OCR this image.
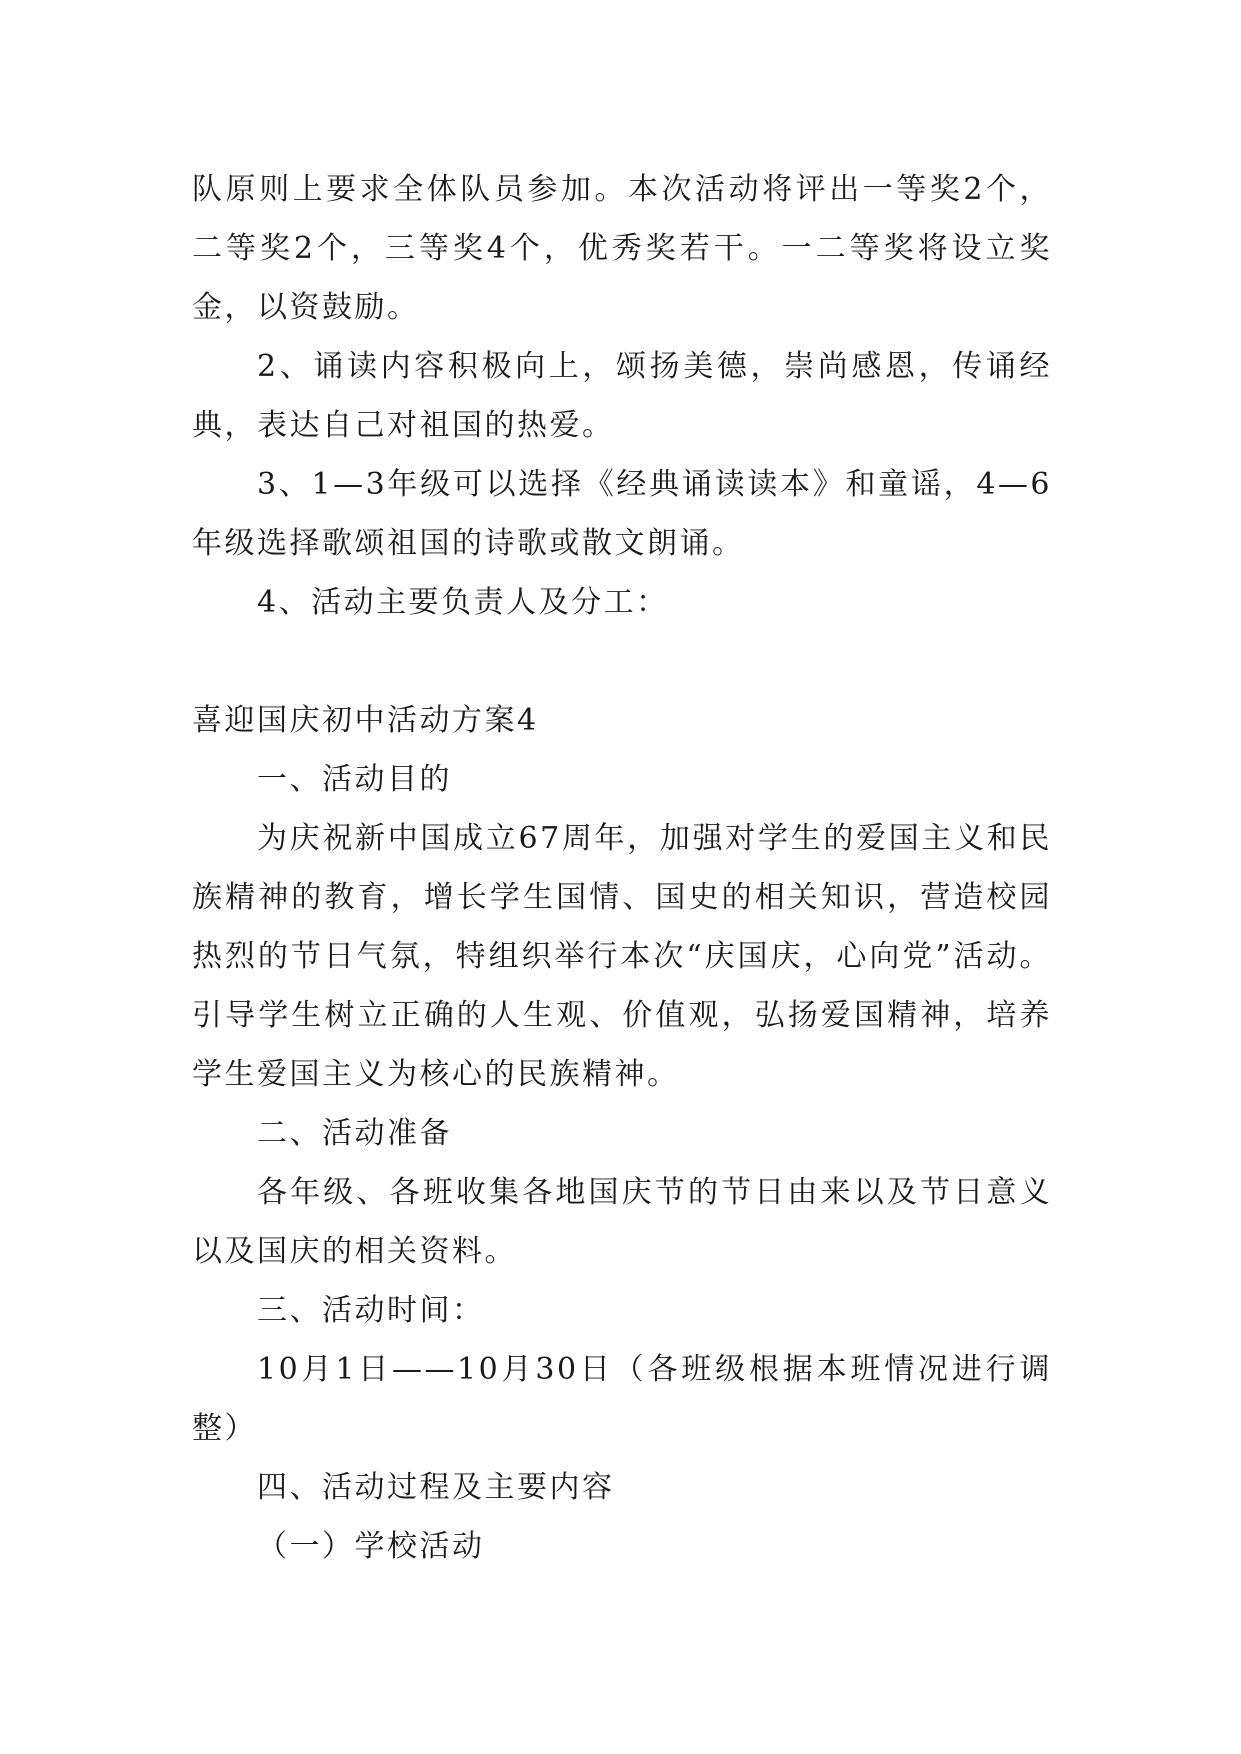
队原则上要求全体队员参加。本次活动将评出一等奖2个，二等奖2个，三等奖4个，优秀奖若干。一二等奖将设立奖金，以资鼓励。

2、诵读内容积极向上，颂扬美德，崇尚感恩，传诵经典，表达自己对祖国的热爱。

3、1—3年级可以选择《经典诵读读本》和童谣，4—6年级选择歌颂祖国的诗歌或散文朗诵。

4、活动主要负责人及分工：

喜迎国庆初中活动方案4

一、活动目的

为庆祝新中国成立67周年，加强对学生的爱国主义和民族精神的教育，增长学生国情、国史的相关知识，营造校园热烈的节日气氛，特组织举行本次“庆国庆，心向党”活动。引导学生树立正确的人生观、价值观，弘扬爱国精神，培养学生爱国主义为核心的民族精神。

二、活动准备

各年级、各班收集各地国庆节的节日由来以及节日意义以及国庆的相关资料。

三、活动时间：

10月1日——10月30日（各班级根据本班情况进行调整）

四、活动过程及主要内容

（一）学校活动
